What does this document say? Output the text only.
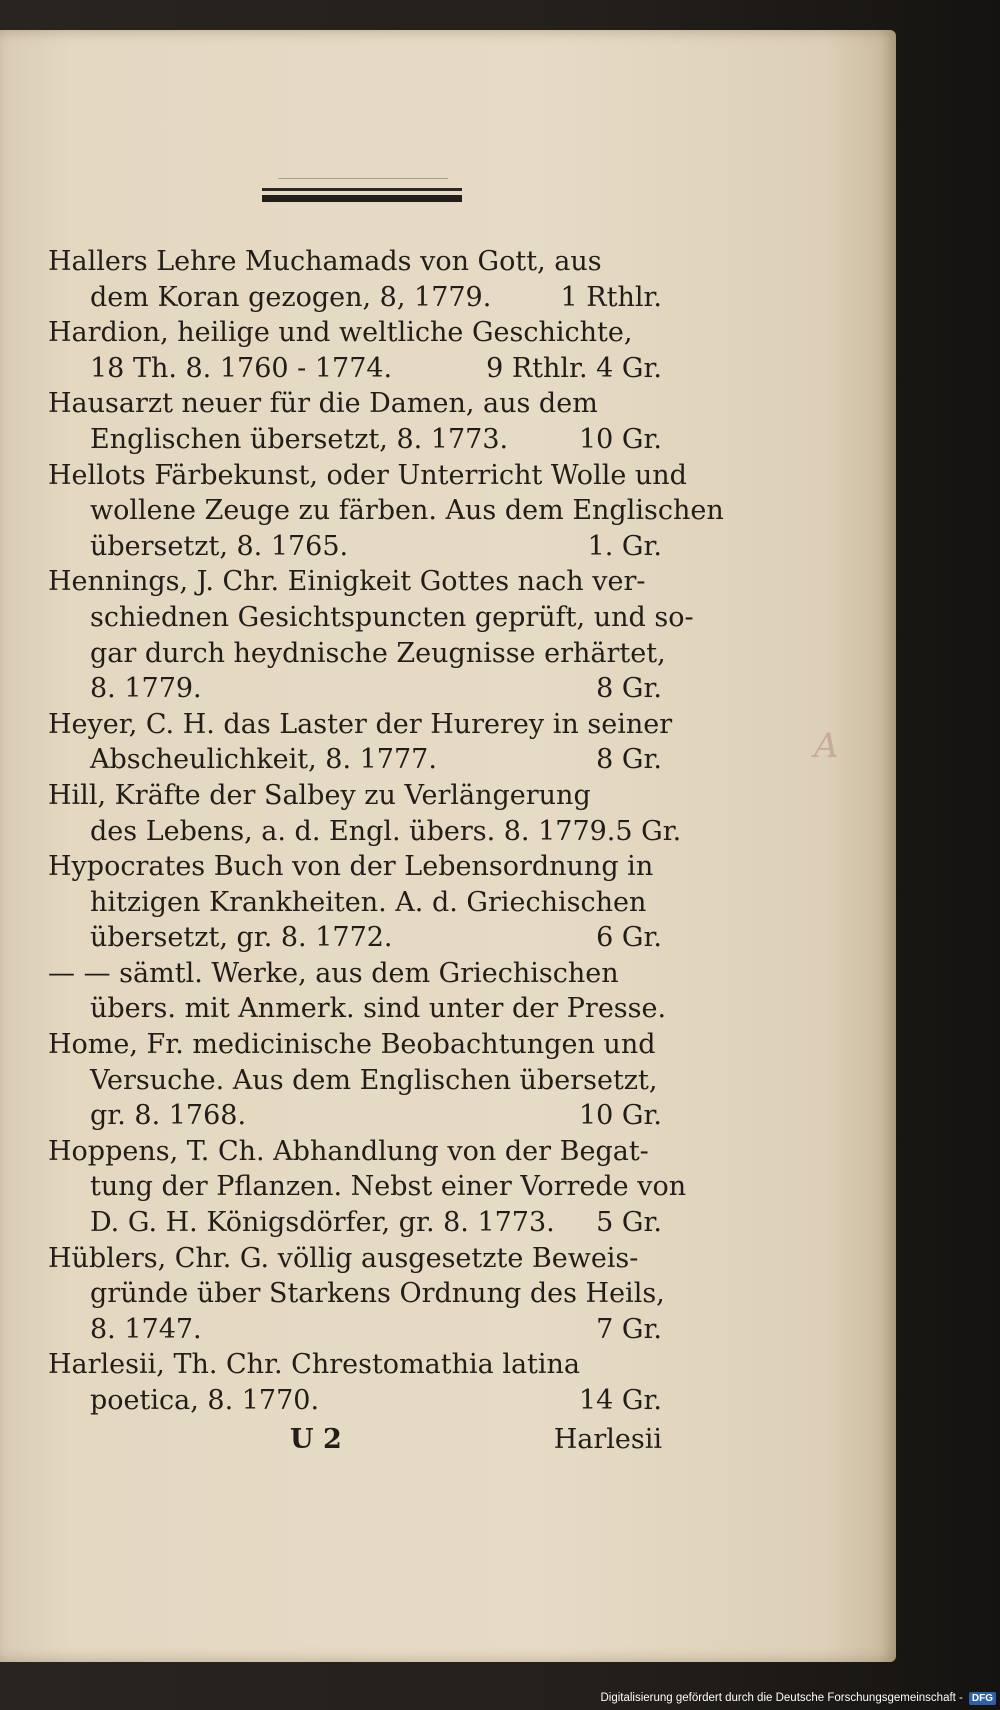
Hallers Lehre Muchamads von Gott, aus
dem Koran gezogen, 8, 1779.	1 Rthlr.
Hardion, heilige und weltliche Geschichte,
18 Th. 8. 1760 - 1774.	9 Rthlr. 4 Gr.
Hausarzt neuer für die Damen, aus dem
Englischen übersetzt, 8. 1773.	10 Gr.
Hellots Färbekunst, oder Unterricht Wolle und
wollene Zeuge zu färben. Aus dem Englischen
übersetzt, 8. 1765.	1. Gr.
Hennings, J. Chr. Einigkeit Gottes nach ver-
schiednen Gesichtspuncten geprüft, und so-
gar durch heydnische Zeugnisse erhärtet,
8. 1779.	8 Gr.
Heyer, C. H. das Laster der Hurerey in seiner
Abscheulichkeit, 8. 1777.	8 Gr.
Hill, Kräfte der Salbey zu Verlängerung
des Lebens, a. d. Engl. übers. 8. 1779. 5 Gr.
Hypocrates Buch von der Lebensordnung in
hitzigen Krankheiten. A. d. Griechischen
übersetzt, gr. 8. 1772.	6 Gr.
— — sämtl. Werke, aus dem Griechischen
übers. mit Anmerk. sind unter der Presse.
Home, Fr. medicinische Beobachtungen und
Versuche. Aus dem Englischen übersetzt,
gr. 8. 1768.	10 Gr.
Hoppens, T. Ch. Abhandlung von der Begat-
tung der Pflanzen. Nebst einer Vorrede von
D. G. H. Königsdörfer, gr. 8. 1773. 5 Gr.
Hüblers, Chr. G. völlig ausgesetzte Beweis-
gründe über Starkens Ordnung des Heils,
8. 1747.	7 Gr.
Harlesii, Th. Chr. Chrestomathia latina
poetica, 8. 1770.	14 Gr.
U 2	Harlesii
A
Digitalisierung gefördert durch die Deutsche Forschungsgemeinschaft - DFG
